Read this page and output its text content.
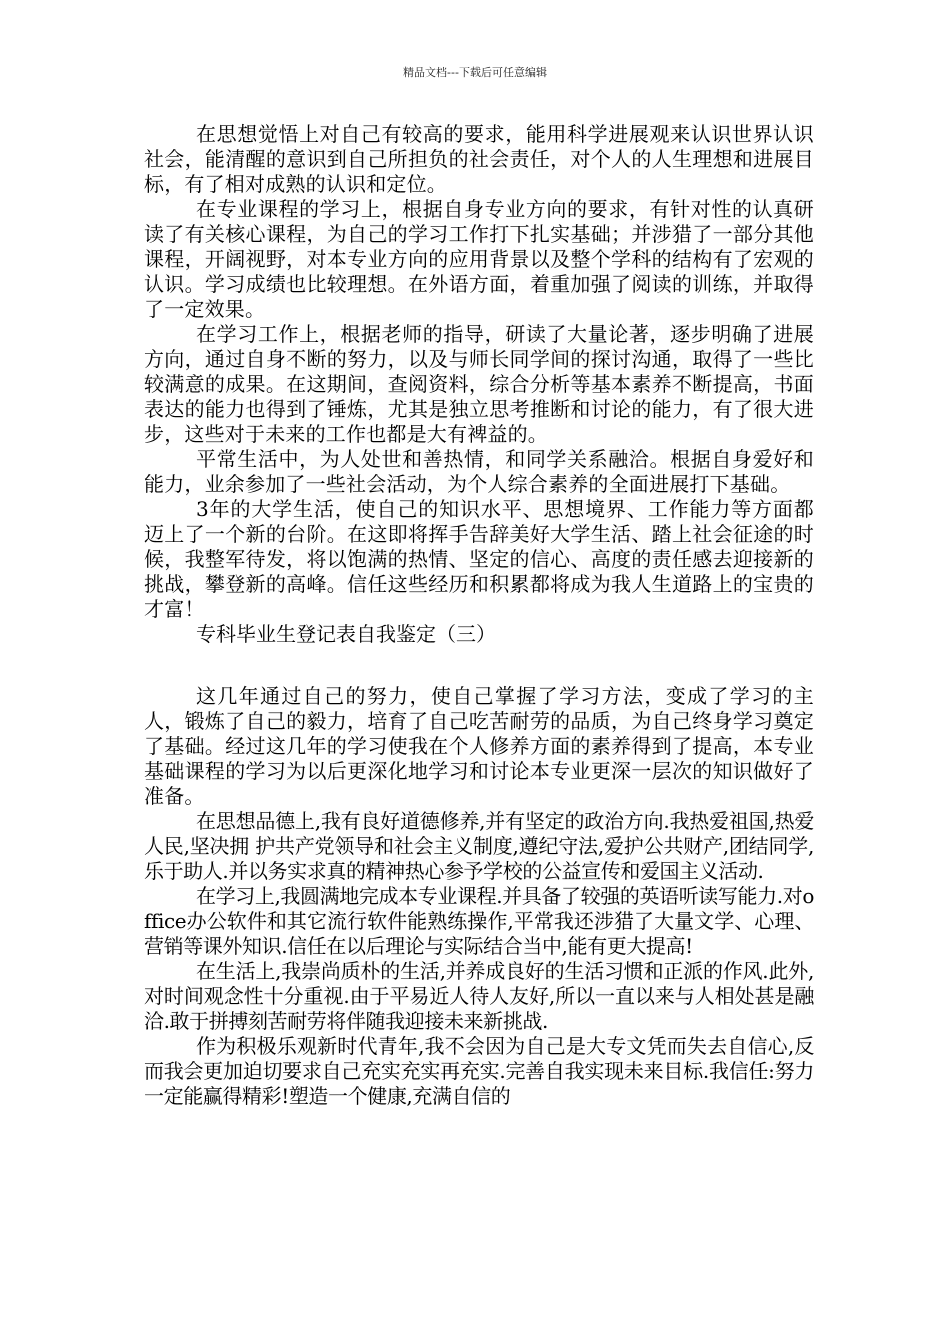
精品文档---下载后可任意编辑

在思想觉悟上对自己有较高的要求，能用科学进展观来认识世界认识社会，能清醒的意识到自己所担负的社会责任，对个人的人生理想和进展目标，有了相对成熟的认识和定位。

在专业课程的学习上，根据自身专业方向的要求，有针对性的认真研读了有关核心课程，为自己的学习工作打下扎实基础；并涉猎了一部分其他课程，开阔视野，对本专业方向的应用背景以及整个学科的结构有了宏观的认识。学习成绩也比较理想。在外语方面，着重加强了阅读的训练，并取得了一定效果。

在学习工作上，根据老师的指导，研读了大量论著，逐步明确了进展方向，通过自身不断的努力，以及与师长同学间的探讨沟通，取得了一些比较满意的成果。在这期间，查阅资料，综合分析等基本素养不断提高，书面表达的能力也得到了锤炼，尤其是独立思考推断和讨论的能力，有了很大进步，这些对于未来的工作也都是大有裨益的。

平常生活中，为人处世和善热情，和同学关系融洽。根据自身爱好和能力，业余参加了一些社会活动，为个人综合素养的全面进展打下基础。

3年的大学生活，使自己的知识水平、思想境界、工作能力等方面都迈上了一个新的台阶。在这即将挥手告辞美好大学生活、踏上社会征途的时候，我整军待发，将以饱满的热情、坚定的信心、高度的责任感去迎接新的挑战，攀登新的高峰。信任这些经历和积累都将成为我人生道路上的宝贵的才富！

专科毕业生登记表自我鉴定（三）

这几年通过自己的努力，使自己掌握了学习方法，变成了学习的主人，锻炼了自己的毅力，培育了自己吃苦耐劳的品质，为自己终身学习奠定了基础。经过这几年的学习使我在个人修养方面的素养得到了提高，本专业基础课程的学习为以后更深化地学习和讨论本专业更深一层次的知识做好了准备。

在思想品德上,我有良好道德修养,并有坚定的政治方向.我热爱祖国,热爱人民,坚决拥 护共产党领导和社会主义制度,遵纪守法,爱护公共财产,团结同学,乐于助人.并以务实求真的精神热心参予学校的公益宣传和爱国主义活动.

在学习上,我圆满地完成本专业课程.并具备了较强的英语听读写能力.对office办公软件和其它流行软件能熟练操作,平常我还涉猎了大量文学、心理、营销等课外知识.信任在以后理论与实际结合当中,能有更大提高!

在生活上,我崇尚质朴的生活,并养成良好的生活习惯和正派的作风.此外,对时间观念性十分重视.由于平易近人待人友好,所以一直以来与人相处甚是融洽.敢于拼搏刻苦耐劳将伴随我迎接未来新挑战.

作为积极乐观新时代青年,我不会因为自己是大专文凭而失去自信心,反而我会更加迫切要求自己充实充实再充实.完善自我实现未来目标.我信任:努力一定能赢得精彩!塑造一个健康,充满自信的
